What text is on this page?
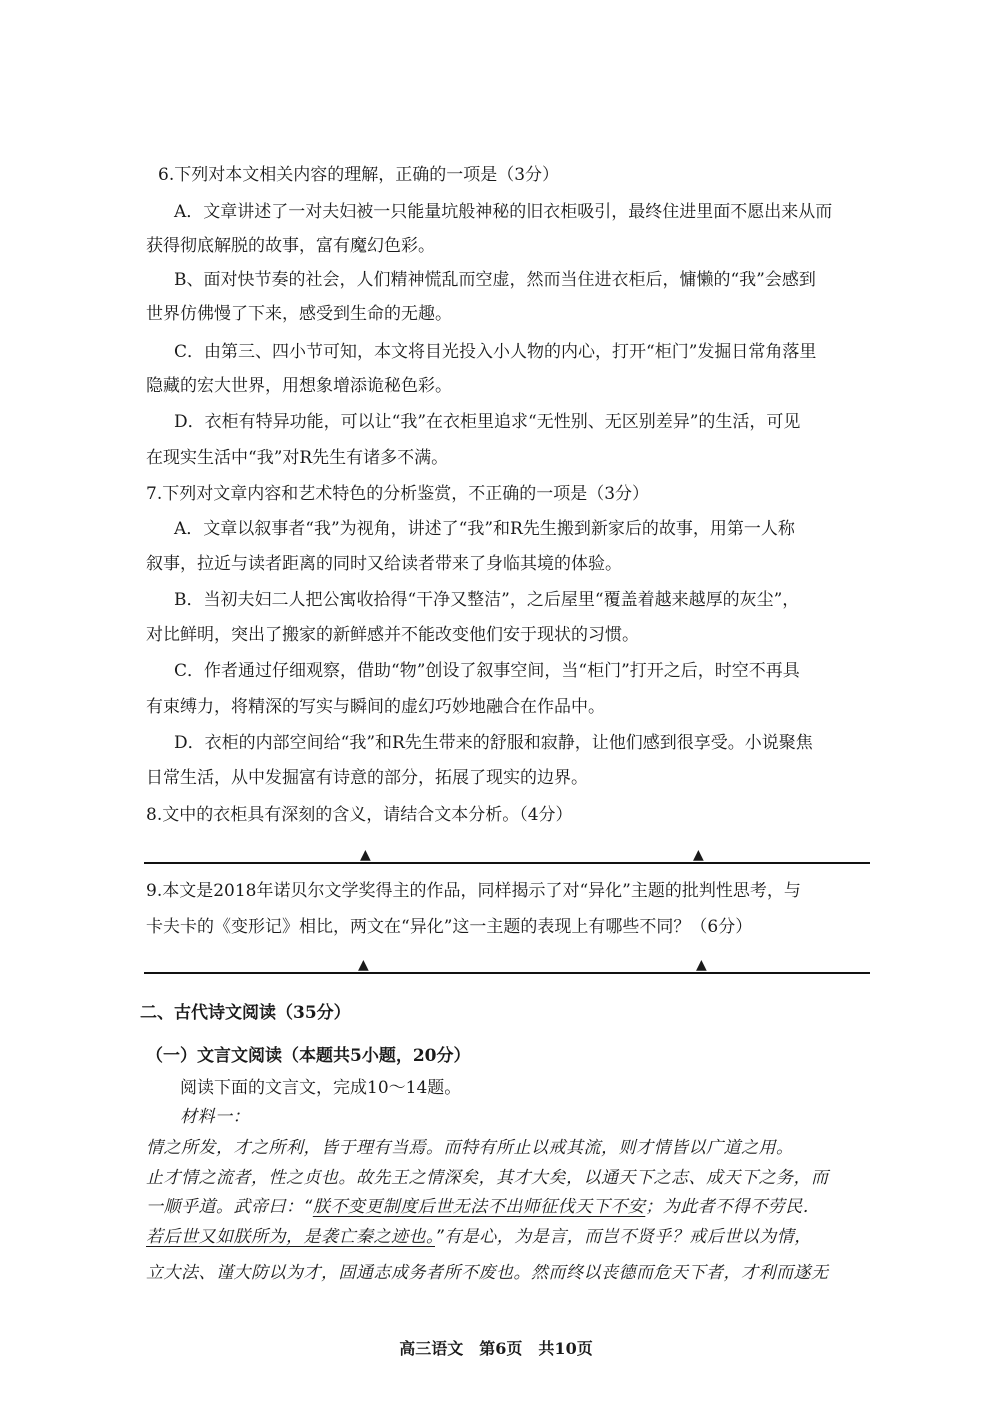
6.下列对本文相关内容的理解，正确的一项是（3分）
A．文章讲述了一对夫妇被一只能量坑般神秘的旧衣柜吸引，最终住进里面不愿出来从而
获得彻底解脱的故事，富有魔幻色彩。
B、面对快节奏的社会，人们精神慌乱而空虚，然而当住进衣柜后，慵懒的“我”会感到
世界仿佛慢了下来，感受到生命的无趣。
C．由第三、四小节可知，本文将目光投入小人物的内心，打开“柜门”发掘日常角落里
隐藏的宏大世界，用想象增添诡秘色彩。
D．衣柜有特异功能，可以让“我”在衣柜里追求“无性别、无区别差异”的生活，可见
在现实生活中“我”对R先生有诸多不满。
7.下列对文章内容和艺术特色的分析鉴赏，不正确的一项是（3分）
A．文章以叙事者“我”为视角，讲述了“我”和R先生搬到新家后的故事，用第一人称
叙事，拉近与读者距离的同时又给读者带来了身临其境的体验。
B．当初夫妇二人把公寓收拾得“干净又整洁”，之后屋里“覆盖着越来越厚的灰尘”，
对比鲜明，突出了搬家的新鲜感并不能改变他们安于现状的习惯。
C．作者通过仔细观察，借助“物”创设了叙事空间，当“柜门”打开之后，时空不再具
有束缚力，将精深的写实与瞬间的虚幻巧妙地融合在作品中。
D．衣柜的内部空间给“我”和R先生带来的舒服和寂静，让他们感到很享受。小说聚焦
日常生活，从中发掘富有诗意的部分，拓展了现实的边界。
8.文中的衣柜具有深刻的含义，请结合文本分析。（4分）
▲	▲
9.本文是2018年诺贝尔文学奖得主的作品，同样揭示了对“异化”主题的批判性思考，与
卡夫卡的《变形记》相比，两文在“异化”这一主题的表现上有哪些不同？（6分）
▲	▲
二、古代诗文阅读（35分）
（一）文言文阅读（本题共5小题，20分）
阅读下面的文言文，完成10～14题。
材料一：
情之所发，才之所利，皆于理有当焉。而特有所止以戒其流，则才情皆以广道之用。
止才情之流者，性之贞也。故先王之情深矣，其才大矣，以通天下之志、成天下之务，而
一顺乎道。武帝曰：“朕不变更制度后世无法不出师征伐天下不安；为此者不得不劳民．
若后世又如朕所为，是袭亡秦之迹也。”有是心，为是言，而岂不贤乎？戒后世以为情，
立大法、谨大防以为才，固通志成务者所不废也。然而终以丧德而危天下者，才利而遂无
高三语文　第6页　共10页
